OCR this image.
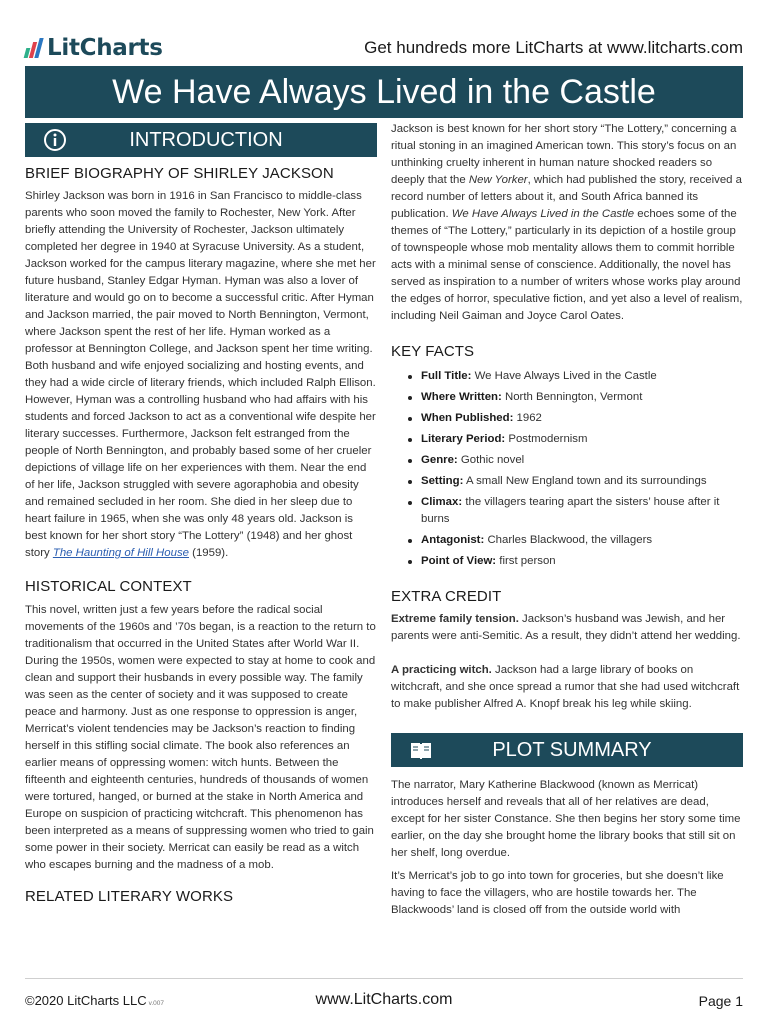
LitCharts	Get hundreds more LitCharts at www.litcharts.com
We Have Always Lived in the Castle
INTRODUCTION
BRIEF BIOGRAPHY OF SHIRLEY JACKSON

Shirley Jackson was born in 1916 in San Francisco to middle-class parents who soon moved the family to Rochester, New York. After briefly attending the University of Rochester, Jackson ultimately completed her degree in 1940 at Syracuse University. As a student, Jackson worked for the campus literary magazine, where she met her future husband, Stanley Edgar Hyman. Hyman was also a lover of literature and would go on to become a successful critic. After Hyman and Jackson married, the pair moved to North Bennington, Vermont, where Jackson spent the rest of her life. Hyman worked as a professor at Bennington College, and Jackson spent her time writing. Both husband and wife enjoyed socializing and hosting events, and they had a wide circle of literary friends, which included Ralph Ellison. However, Hyman was a controlling husband who had affairs with his students and forced Jackson to act as a conventional wife despite her literary successes. Furthermore, Jackson felt estranged from the people of North Bennington, and probably based some of her crueler depictions of village life on her experiences with them. Near the end of her life, Jackson struggled with severe agoraphobia and obesity and remained secluded in her room. She died in her sleep due to heart failure in 1965, when she was only 48 years old. Jackson is best known for her short story “The Lottery” (1948) and her ghost story The Haunting of Hill House (1959).

HISTORICAL CONTEXT

This novel, written just a few years before the radical social movements of the 1960s and ’70s began, is a reaction to the return to traditionalism that occurred in the United States after World War II. During the 1950s, women were expected to stay at home to cook and clean and support their husbands in every possible way. The family was seen as the center of society and it was supposed to create peace and harmony. Just as one response to oppression is anger, Merricat’s violent tendencies may be Jackson’s reaction to finding herself in this stifling social climate. The book also references an earlier means of oppressing women: witch hunts. Between the fifteenth and eighteenth centuries, hundreds of thousands of women were tortured, hanged, or burned at the stake in North America and Europe on suspicion of practicing witchcraft. This phenomenon has been interpreted as a means of suppressing women who tried to gain some power in their society. Merricat can easily be read as a witch who escapes burning and the madness of a mob.

RELATED LITERARY WORKS

Jackson is best known for her short story “The Lottery,” concerning a ritual stoning in an imagined American town. This story’s focus on an unthinking cruelty inherent in human nature shocked readers so deeply that the New Yorker, which had published the story, received a record number of letters about it, and South Africa banned its publication. We Have Always Lived in the Castle echoes some of the themes of “The Lottery,” particularly in its depiction of a hostile group of townspeople whose mob mentality allows them to commit horrible acts with a minimal sense of conscience. Additionally, the novel has served as inspiration to a number of writers whose works play around the edges of horror, speculative fiction, and yet also a level of realism, including Neil Gaiman and Joyce Carol Oates.

KEY FACTS
Full Title: We Have Always Lived in the Castle
Where Written: North Bennington, Vermont
When Published: 1962
Literary Period: Postmodernism
Genre: Gothic novel
Setting: A small New England town and its surroundings
Climax: the villagers tearing apart the sisters’ house after it burns
Antagonist: Charles Blackwood, the villagers
Point of View: first person
EXTRA CREDIT

Extreme family tension. Jackson’s husband was Jewish, and her parents were anti-Semitic. As a result, they didn’t attend her wedding.

A practicing witch. Jackson had a large library of books on witchcraft, and she once spread a rumor that she had used witchcraft to make publisher Alfred A. Knopf break his leg while skiing.

PLOT SUMMARY

The narrator, Mary Katherine Blackwood (known as Merricat) introduces herself and reveals that all of her relatives are dead, except for her sister Constance. She then begins her story some time earlier, on the day she brought home the library books that still sit on her shelf, long overdue.

It’s Merricat’s job to go into town for groceries, but she doesn’t like having to face the villagers, who are hostile towards her. The Blackwoods’ land is closed off from the outside world with

©2020 LitCharts LLC v.007	www.LitCharts.com	Page 1
